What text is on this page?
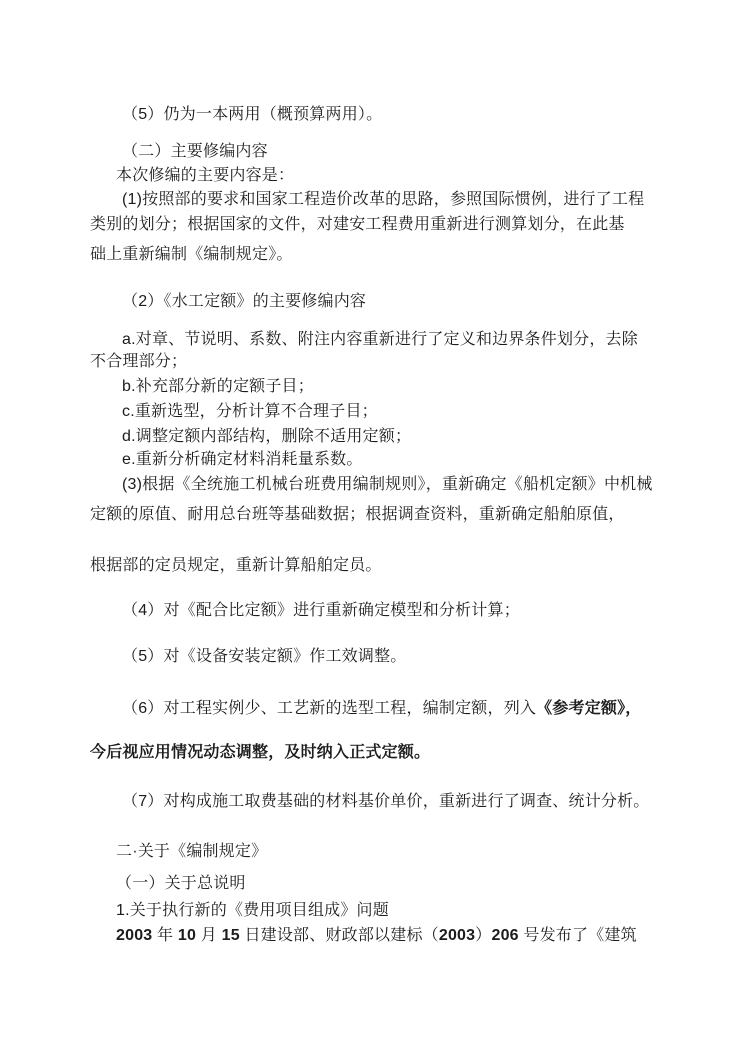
（5）仍为一本两用（概预算两用）。
（二）主要修编内容
本次修编的主要内容是：
(1)按照部的要求和国家工程造价改革的思路，参照国际惯例，进行了工程
类别的划分；根据国家的文件，对建安工程费用重新进行测算划分，在此基
础上重新编制《编制规定》。
（2）《水工定额》的主要修编内容
a.对章、节说明、系数、附注内容重新进行了定义和边界条件划分，去除
不合理部分；
b.补充部分新的定额子目；
c.重新选型，分析计算不合理子目；
d.调整定额内部结构，删除不适用定额；
e.重新分析确定材料消耗量系数。
(3)根据《全统施工机械台班费用编制规则》，重新确定《船机定额》中机械
定额的原值、耐用总台班等基础数据；根据调查资料，重新确定船舶原值，
根据部的定员规定，重新计算船舶定员。
（4）对《配合比定额》进行重新确定模型和分析计算；
（5）对《设备安装定额》作工效调整。
（6）对工程实例少、工艺新的选型工程，编制定额，列入《参考定额》，
今后视应用情况动态调整，及时纳入正式定额。
（7）对构成施工取费基础的材料基价单价，重新进行了调查、统计分析。
二·关于《编制规定》
（一）关于总说明
1.关于执行新的《费用项目组成》问题
2003 年 10 月 15 日建设部、财政部以建标（2003）206 号发布了《建筑
